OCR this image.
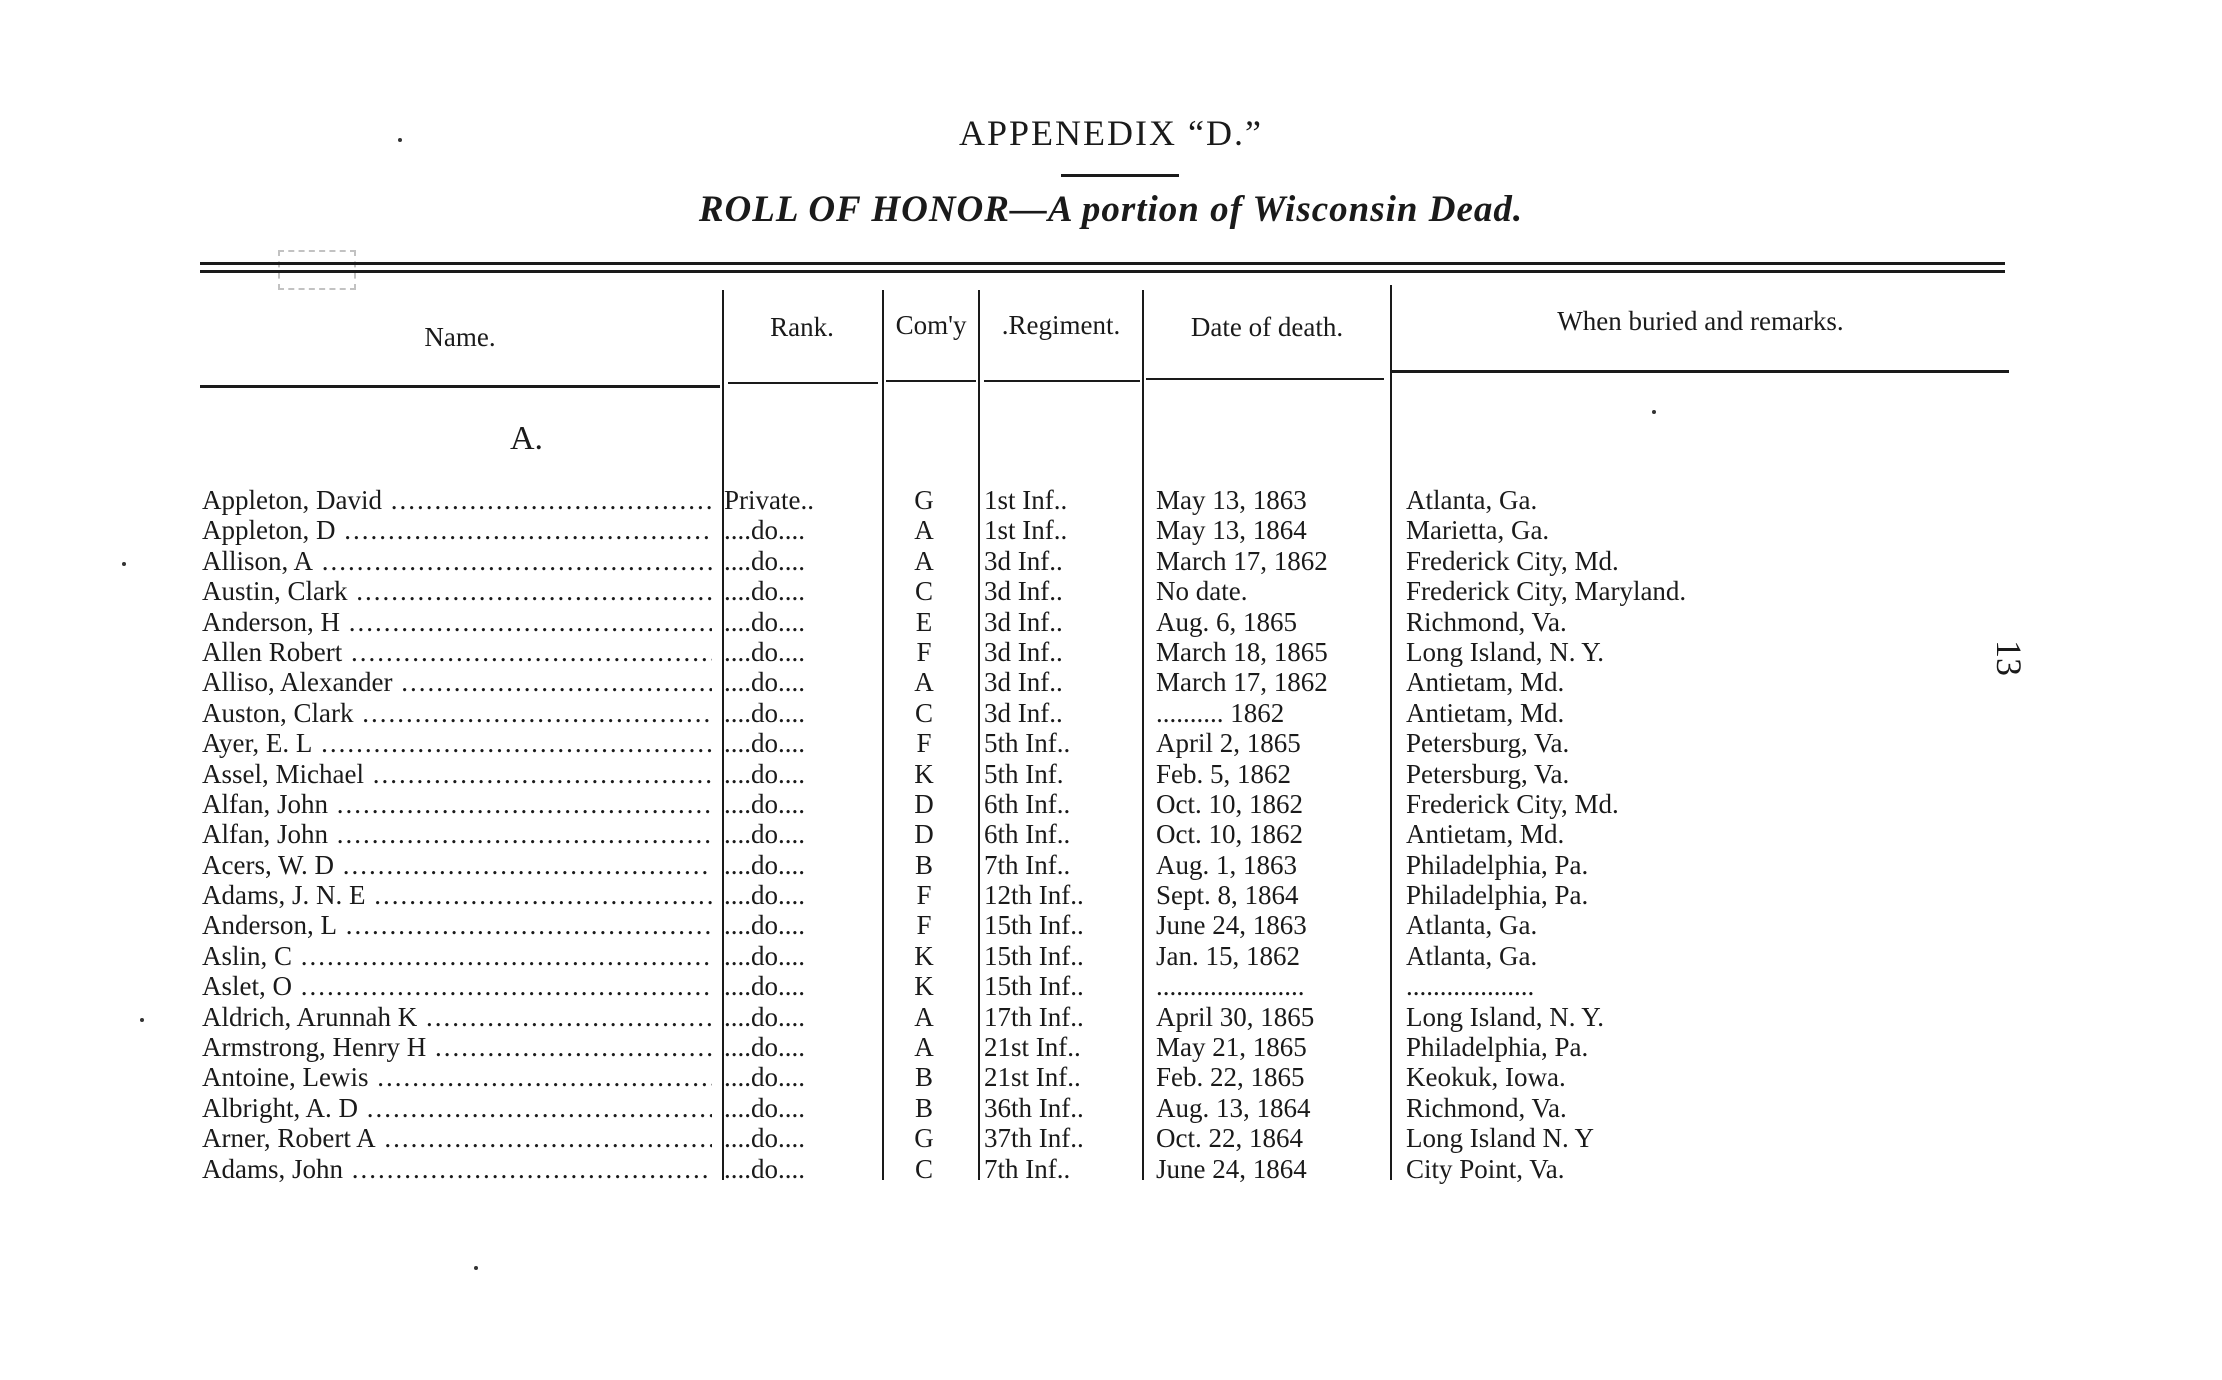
APPENEDIX “D.”
ROLL OF HONOR—A portion of Wisconsin Dead.
Name.	Rank.	Com'y	.Regiment.	Date of death.	When buried and remarks.
A.
Appleton, David .....	Private..	G	1st Inf..	May 13, 1863	Atlanta, Ga.
Appleton, D .....	....do....	A	1st Inf..	May 13, 1864	Marietta, Ga.
Allison, A .....	....do....	A	3d Inf..	March 17, 1862	Frederick City, Md.
Austin, Clark .....	....do....	C	3d Inf..	No date.	Frederick City, Maryland.
Anderson, H .....	....do....	E	3d Inf..	Aug. 6, 1865	Richmond, Va.
Allen Robert .....	....do....	F	3d Inf..	March 18, 1865	Long Island, N. Y.
Alliso, Alexander .....	....do....	A	3d Inf..	March 17, 1862	Antietam, Md.
Auston, Clark .....	....do....	C	3d Inf..	.......... 1862	Antietam, Md.
Ayer, E. L .....	....do....	F	5th Inf..	April 2, 1865	Petersburg, Va.
Assel, Michael .....	....do....	K	5th Inf.	Feb. 5, 1862	Petersburg, Va.
Alfan, John .....	....do....	D	6th Inf..	Oct. 10, 1862	Frederick City, Md.
Alfan, John .....	....do....	D	6th Inf..	Oct. 10, 1862	Antietam, Md.
Acers, W. D .....	....do....	B	7th Inf..	Aug. 1, 1863	Philadelphia, Pa.
Adams, J. N. E .....	....do....	F	12th Inf..	Sept. 8, 1864	Philadelphia, Pa.
Anderson, L .....	....do....	F	15th Inf..	June 24, 1863	Atlanta, Ga.
Aslin, C .....	....do....	K	15th Inf..	Jan. 15, 1862	Atlanta, Ga.
Aslet, O .....	....do....	K	15th Inf..	......................	...................
Aldrich, Arunnah K .....	....do....	A	17th Inf..	April 30, 1865	Long Island, N. Y.
Armstrong, Henry H .....	....do....	A	21st Inf..	May 21, 1865	Philadelphia, Pa.
Antoine, Lewis .....	....do....	B	21st Inf..	Feb. 22, 1865	Keokuk, Iowa.
Albright, A. D .....	....do....	B	36th Inf..	Aug. 13, 1864	Richmond, Va.
Arner, Robert A .....	....do....	G	37th Inf..	Oct. 22, 1864	Long Island N. Y
Adams, John .....	....do....	C	7th Inf..	June 24, 1864	City Point, Va.
13
